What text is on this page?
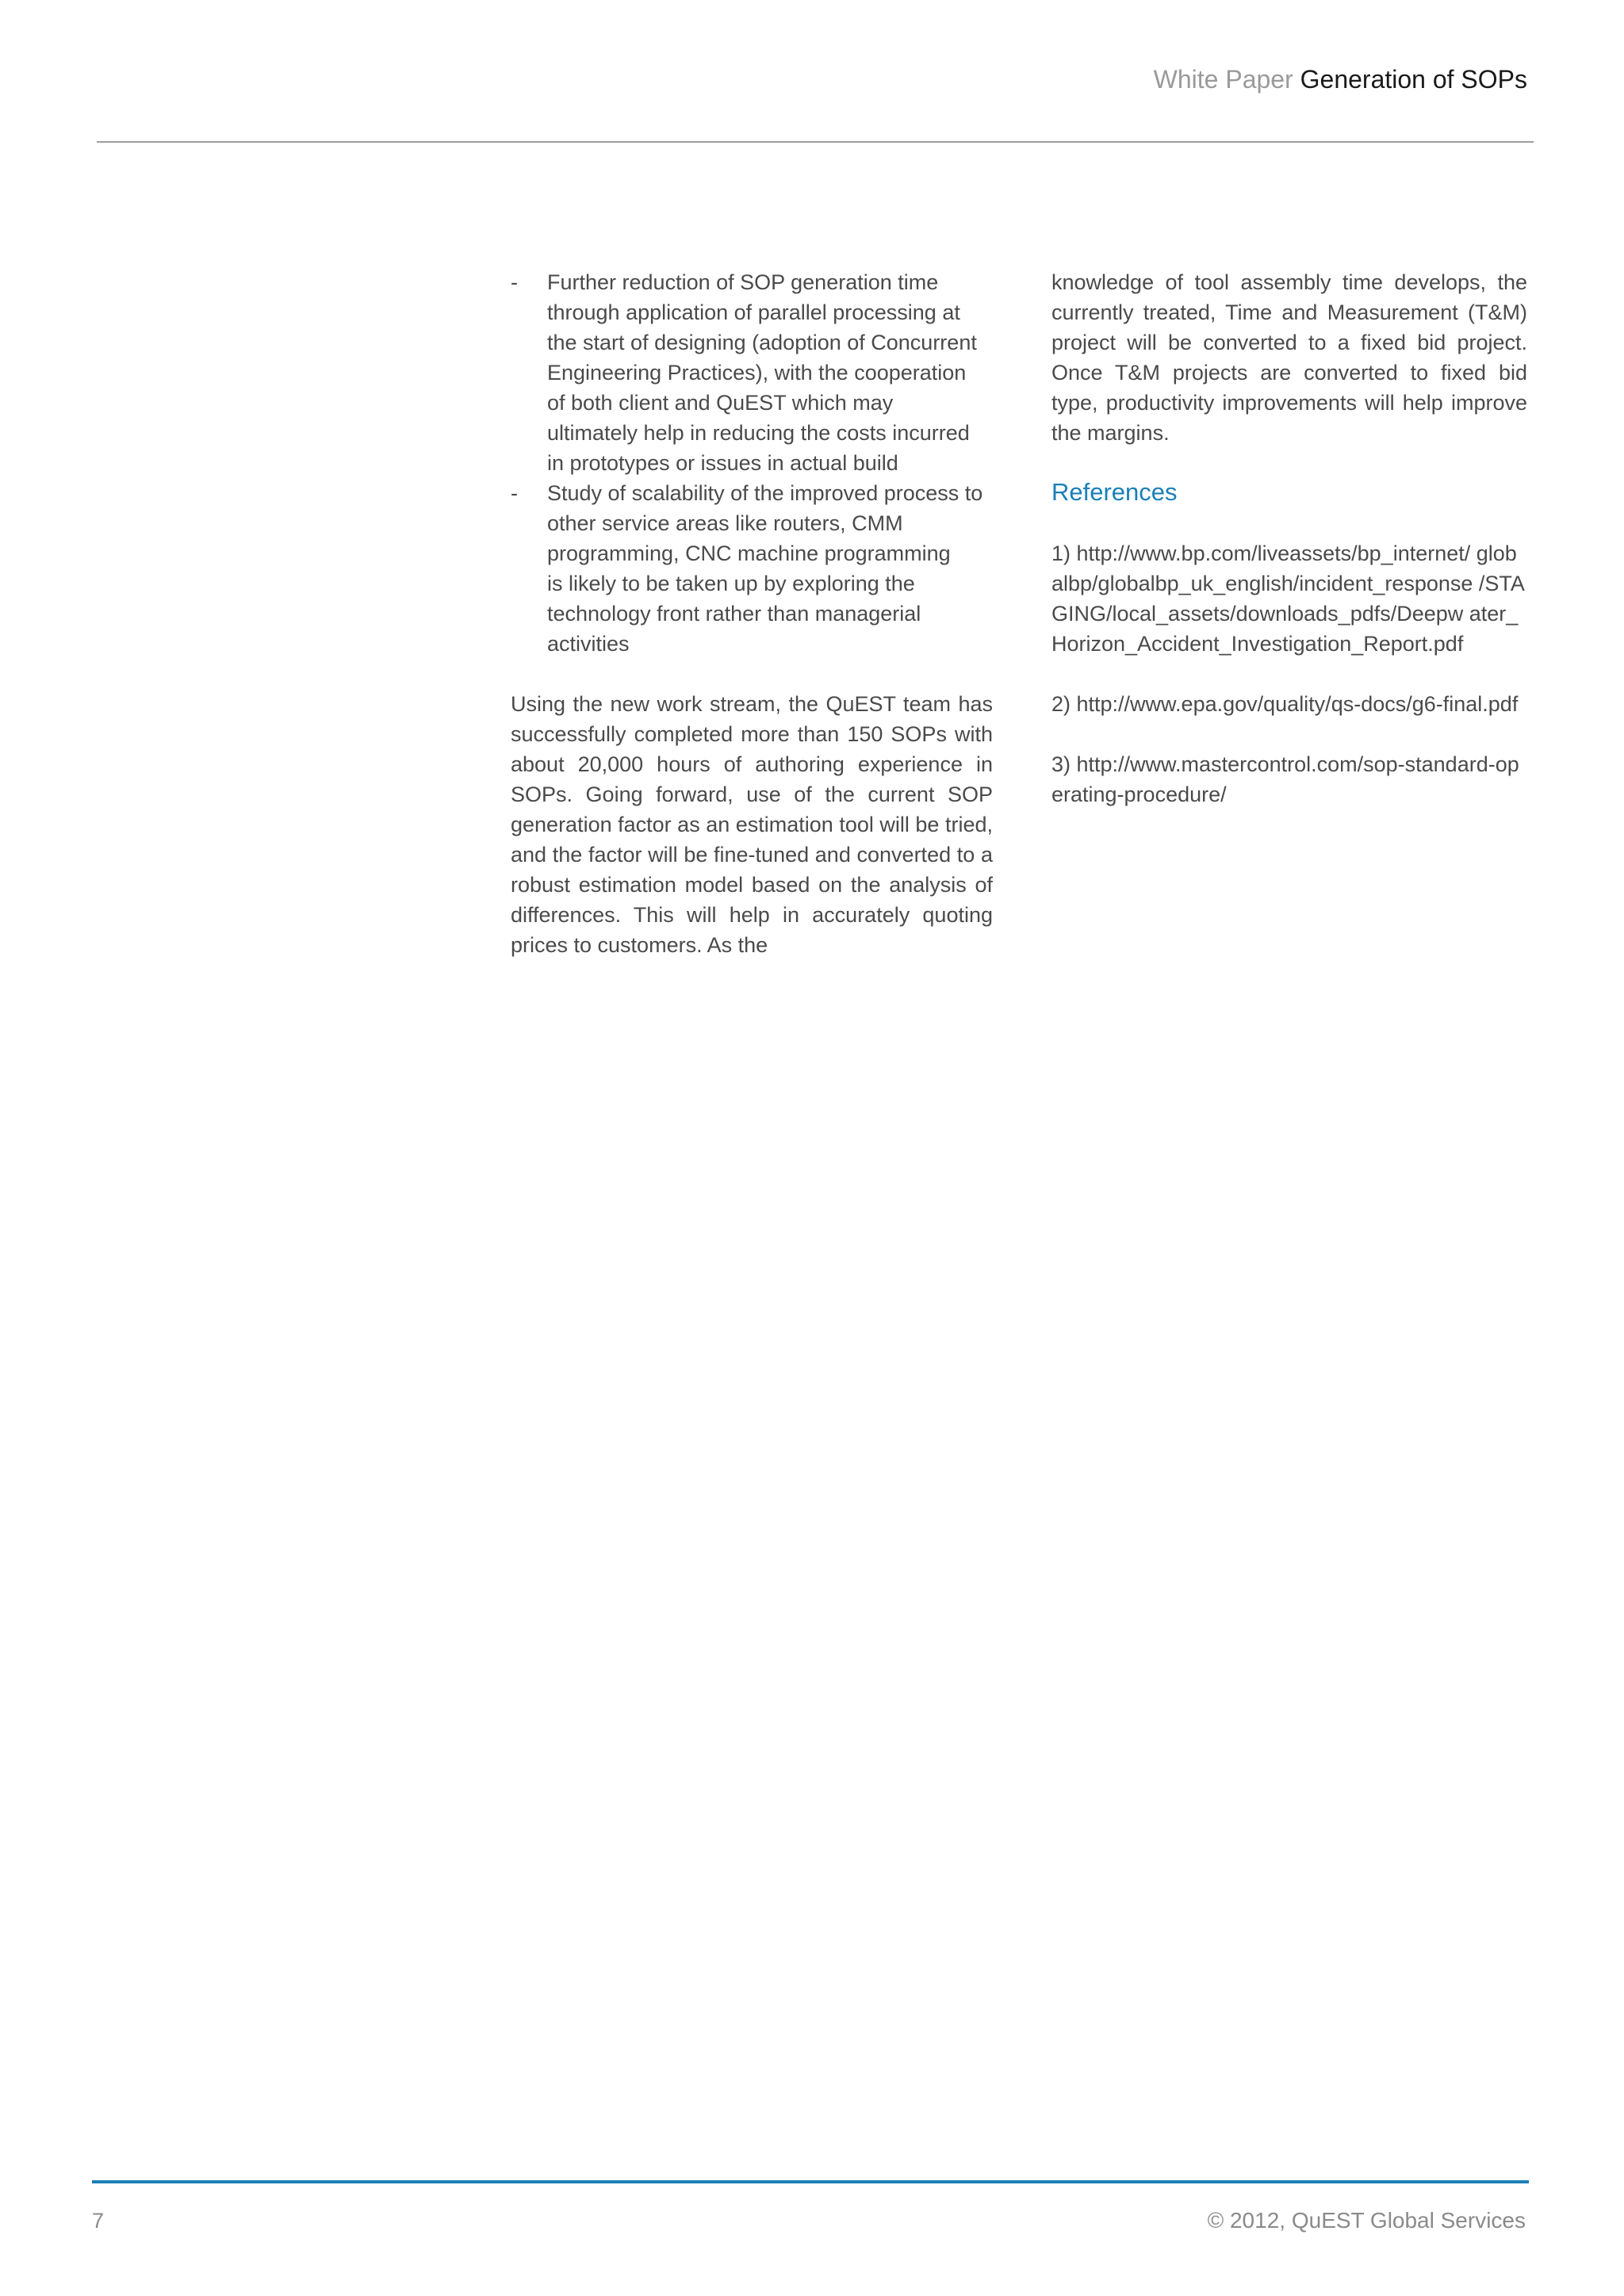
White Paper Generation of SOPs
- Further reduction of SOP generation time
through application of parallel processing at
the start of designing (adoption of Concurrent
Engineering Practices), with the cooperation
of both client and QuEST which may
ultimately help in reducing the costs incurred
in prototypes or issues in actual build
- Study of scalability of the improved process to
other service areas like routers, CMM
programming, CNC machine programming
is likely to be taken up by exploring the
technology front rather than managerial
activities

Using the new work stream, the QuEST team has successfully completed more than 150 SOPs with about 20,000 hours of authoring experience in SOPs. Going forward, use of the current SOP generation factor as an estimation tool will be tried, and the factor will be fine-tuned and converted to a robust estimation model based on the analysis of differences. This will help in accurately quoting prices to customers. As the

knowledge of tool assembly time develops, the currently treated, Time and Measurement (T&M) project will be converted to a fixed bid project. Once T&M projects are converted to fixed bid type, productivity improvements will help improve the margins.

References

1) http://www.bp.com/liveassets/bp_internet/ globalbp/globalbp_uk_english/incident_response /STAGING/local_assets/downloads_pdfs/Deepw ater_Horizon_Accident_Investigation_Report.pdf

2) http://www.epa.gov/quality/qs-docs/g6-final.pdf

3) http://www.mastercontrol.com/sop-standard-operating-procedure/

7	© 2012, QuEST Global Services
